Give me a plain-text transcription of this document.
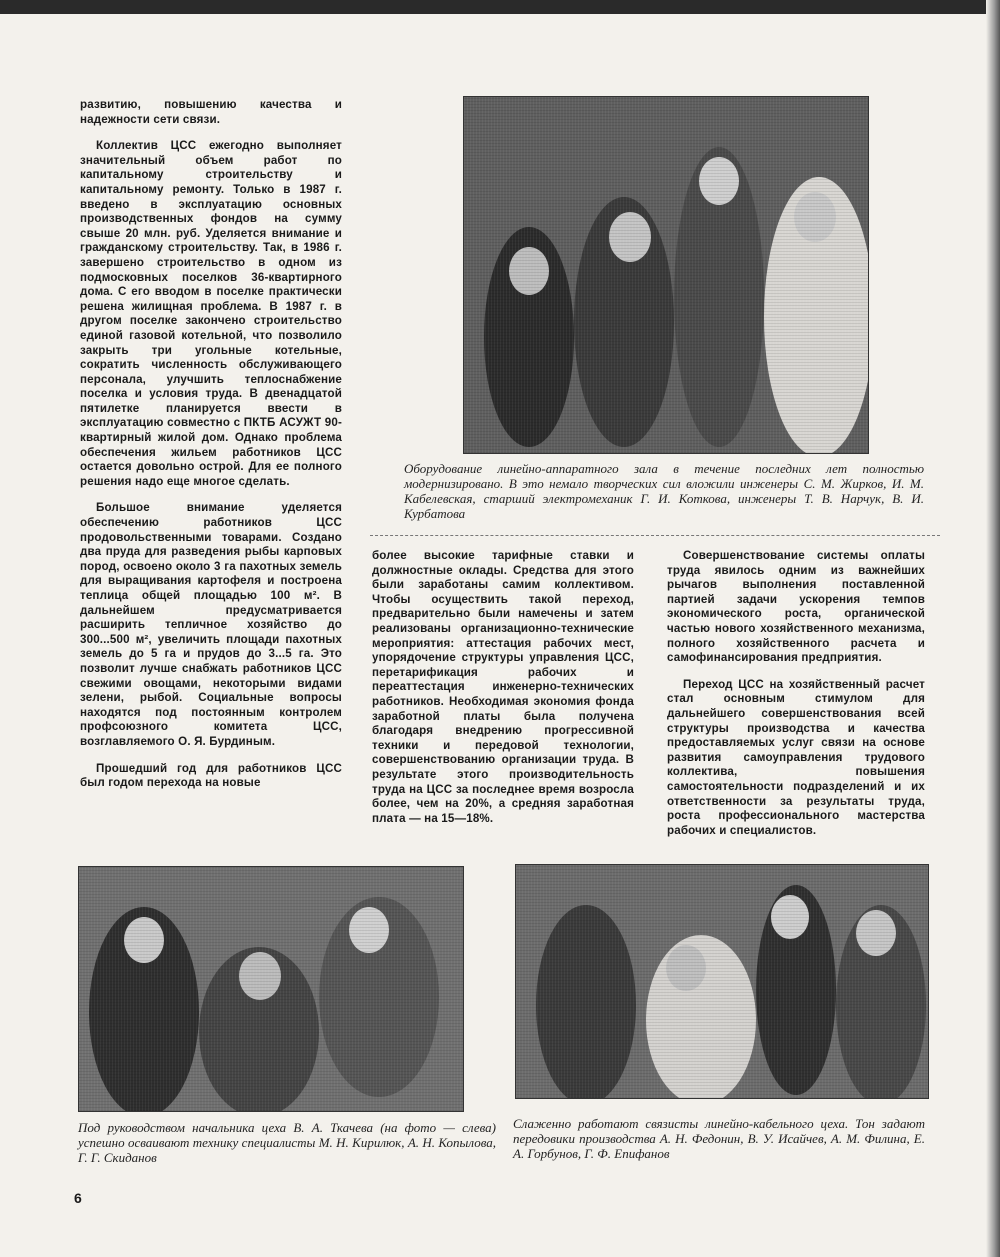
развитию, повышению качества и надежности сети связи.

Коллектив ЦСС ежегодно выполняет значительный объем работ по капитальному строительству и капитальному ремонту. Только в 1987 г. введено в эксплуатацию основных производственных фондов на сумму свыше 20 млн. руб. Уделяется внимание и гражданскому строительству. Так, в 1986 г. завершено строительство в одном из подмосковных поселков 36-квартирного дома. С его вводом в поселке практически решена жилищная проблема. В 1987 г. в другом поселке закончено строительство единой газовой котельной, что позволило закрыть три угольные котельные, сократить численность обслуживающего персонала, улучшить теплоснабжение поселка и условия труда. В двенадцатой пятилетке планируется ввести в эксплуатацию совместно с ПКТБ АСУЖТ 90-квартирный жилой дом. Однако проблема обеспечения жильем работников ЦСС остается довольно острой. Для ее полного решения надо еще многое сделать.

Большое внимание уделяется обеспечению работников ЦСС продовольственными товарами. Создано два пруда для разведения рыбы карповых пород, освоено около 3 га пахотных земель для выращивания картофеля и построена теплица общей площадью 100 м². В дальнейшем предусматривается расширить тепличное хозяйство до 300...500 м², увеличить площади пахотных земель до 5 га и прудов до 3...5 га. Это позволит лучше снабжать работников ЦСС свежими овощами, некоторыми видами зелени, рыбой. Социальные вопросы находятся под постоянным контролем профсоюзного комитета ЦСС, возглавляемого О. Я. Бурдиным.

Прошедший год для работников ЦСС был годом перехода на новые

Оборудование линейно-аппаратного зала в течение последних лет полностью модернизировано. В это немало творческих сил вложили инженеры С. М. Жирков, И. М. Кабелевская, старший электромеханик Г. И. Коткова, инженеры Т. В. Нарчук, В. И. Курбатова

более высокие тарифные ставки и должностные оклады. Средства для этого были заработаны самим коллективом. Чтобы осуществить такой переход, предварительно были намечены и затем реализованы организационно-технические мероприятия: аттестация рабочих мест, упорядочение структуры управления ЦСС, перетарификация рабочих и переаттестация инженерно-технических работников. Необходимая экономия фонда заработной платы была получена благодаря внедрению прогрессивной техники и передовой технологии, совершенствованию организации труда. В результате этого производительность труда на ЦСС за последнее время возросла более, чем на 20%, а средняя заработная плата — на 15—18%.

Совершенствование системы оплаты труда явилось одним из важнейших рычагов выполнения поставленной партией задачи ускорения темпов экономического роста, органической частью нового хозяйственного механизма, полного хозяйственного расчета и самофинансирования предприятия.

Переход ЦСС на хозяйственный расчет стал основным стимулом для дальнейшего совершенствования всей структуры производства и качества предоставляемых услуг связи на основе развития самоуправления трудового коллектива, повышения самостоятельности подразделений и их ответственности за результаты труда, роста профессионального мастерства рабочих и специалистов.

Под руководством начальника цеха В. А. Ткачева (на фото — слева) успешно осваивают технику специалисты М. Н. Кирилюк, А. Н. Копылова, Г. Г. Скиданов
Слаженно работают связисты линейно-кабельного цеха. Тон задают передовики производства А. Н. Федонин, В. У. Исайчев, А. М. Филина, Е. А. Горбунов, Г. Ф. Епифанов
6
